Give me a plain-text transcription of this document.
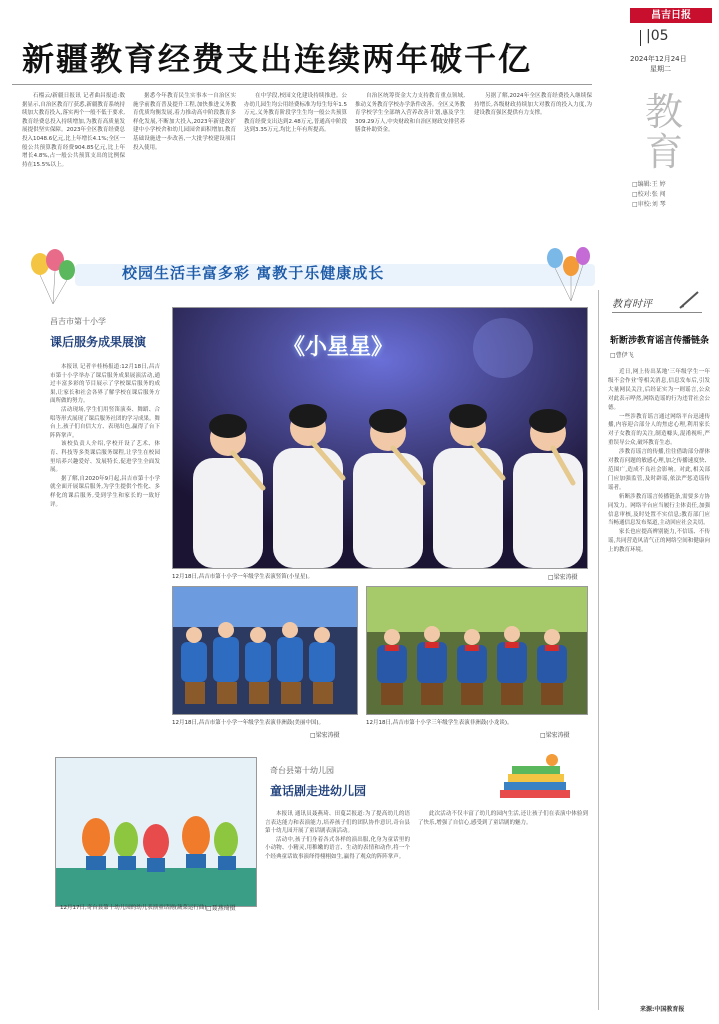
昌吉日报
|05
2024年12月24日
星期二
新疆教育经费支出连续两年破千亿

石榴云/新疆日报讯 记者曲昌报道:数据显示,自治区教育厅获悉,新疆教育系统持续加大教育投入,落实两个一般不低于要求,教育经费总投入持续增加,为教育高质量发展提供坚实保障。2023年全区教育经费总投入1048.6亿元,比上年增长4.1%;全区一般公共预算教育经费904.85亿元,比上年增长4.8%,占一般公共预算支出的比例保持在15.5%以上。

据悉今年教育民生实事本一自治区实施学前教育普及提升工程,加快推进义务教育优质均衡发展,着力推动高中阶段教育多样化发展,不断加大投入,2023年新建改扩建中小学校舍和幼儿园园舍面积增加,教育基础设施进一步改善,一大批学校建设项目投入使用。

在中学段,校园文化建设持续推进。公办幼儿园生均公用经费标准为每生每年1.5万元,义务教育阶段学生生均一般公共预算教育经费支出达到2.48万元,普通高中阶段达到3.35万元,均比上年有所提高。

自治区统筹资金大力支持教育重点领域,推动义务教育学校办学条件改善。全区义务教育学校学生全部纳入营养改善计划,惠及学生309.29万人,中央财政和自治区财政安排营养膳食补助资金。

另据了解,2024年全区教育经费投入继续保持增长,各级财政持续加大对教育的投入力度,为建设教育强区提供有力支撑。	教
育
□编辑:王 婷
□校对:张 闯
□审校:刘 琴
校园生活丰富多彩 寓教于乐健康成长
昌吉市第十小学
课后服务成果展演

本报讯 记者辛桂杨报道:12月18日,昌吉市第十小学举办了课后服务成果展演活动,通过丰富多彩的节目展示了学校课后服务的成果,让家长和社会各界了解学校在课后服务方面所做的努力。

活动现场,学生们用竖笛演奏、舞蹈、合唱等形式展现了课后服务社团的学习成果。舞台上,孩子们自信大方、表现出色,赢得了台下阵阵掌声。

该校负责人介绍,学校开设了艺术、体育、科技等多类课后服务课程,让学生在校园里培养兴趣爱好、发展特长,促进学生全面发展。

据了解,自2020年9月起,昌吉市第十小学就全面开展课后服务,为学生提供个性化、多样化的课后服务,受到学生和家长的一致好评。

《小星星》
12月18日,昌吉市第十小学一年级学生表演竖笛(小星星)。	□梁宏涛摄
12月18日,昌吉市第十小学一年级学生表演非洲鼓(美丽中国)。
□梁宏涛摄
12月18日,昌吉市第十小学三年级学生表演非洲鼓(小龙谈)。
□梁宏涛摄
12月17日,奇台县第十幼儿园的幼儿表演童话剧(蔬菜运行曲)。
□聂燕琦摄
奇台县第十幼儿园
童话剧走进幼儿园

本报讯 通讯员聂燕琦、田蔓芸报道:为了提高幼儿的语言表达能力和表演能力,培养孩子们的团队协作意识,奇台县第十幼儿园开展了童话剧表演活动。

活动中,孩子们身着各式各样的演出服,化身为童话里的小动物、小精灵,用稚嫩的语言、生动的表情和动作,将一个个经典童话故事演绎得栩栩如生,赢得了观众的阵阵掌声。

此次活动不仅丰富了幼儿的园内生活,还让孩子们在表演中体验到了快乐,增强了自信心,感受到了童话剧的魅力。

教育时评
斩断涉教育谣言传播链条
□曹伊飞

近日,网上传出某地'三年级学生一年级不会作业'等相关消息,信息发布后,引发大量网民关注,后经证实为一则谣言,公众对此表示哗然,网络造谣的行为违背社会公德。

一些涉教育谣言通过网络平台迅速传播,内容迎合部分人的焦虑心理,利用家长对子女教育的关注,制造噱头,混淆视听,严重误导公众,破坏教育生态。

涉教育谣言的传播,往往借助部分群体对教育问题的敏感心理,加之传播速度快、范围广,造成不良社会影响。对此,相关部门应加强监管,及时辟谣,依法严惩造谣传谣者。

斩断涉教育谣言传播链条,需要多方协同发力。网络平台应当履行主体责任,加强信息审核,及时处置不实信息;教育部门应当畅通信息发布渠道,主动回应社会关切。

家长也应提高辨别能力,不信谣、不传谣,共同营造风清气正的网络空间和健康向上的教育环境。

来源:中国教育报
